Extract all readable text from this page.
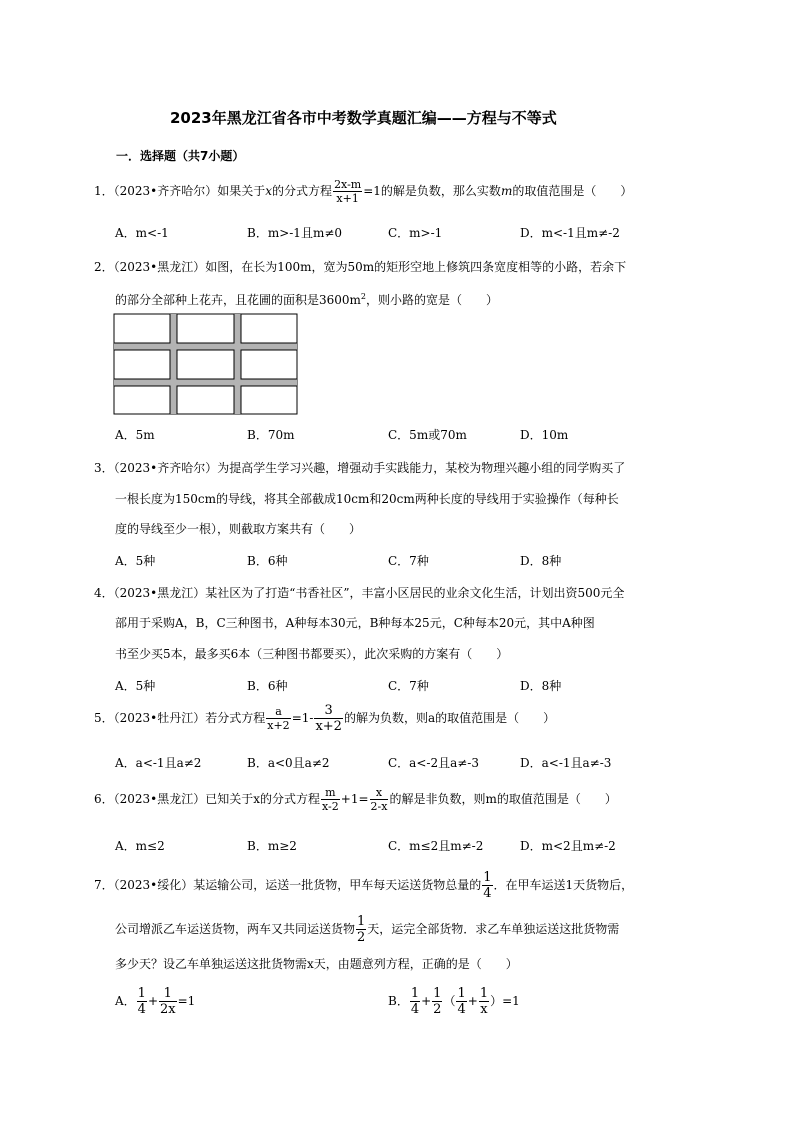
2023年黑龙江省各市中考数学真题汇编——方程与不等式
一．选择题（共7小题）
1．（2023•齐齐哈尔）如果关于x的分式方程 $\frac{2x-m}{x+1} =1$的解是负数，那么实数m的取值范围是（　　）
A．m<-1	B．m>-1且m≠0	C．m>-1	D．m<-1且m≠-2
2．（2023•黑龙江）如图，在长为100m，宽为50m的矩形空地上修筑四条宽度相等的小路，若余下
的部分全部种上花卉，且花圃的面积是$3600m^2$，则小路的宽是（　　）
A．5m	B．70m	C．5m或70m	D．10m
3．（2023•齐齐哈尔）为提高学生学习兴趣，增强动手实践能力，某校为物理兴趣小组的同学购买了
一根长度为150cm的导线，将其全部截成10cm和20cm两种长度的导线用于实验操作（每种长
度的导线至少一根），则截取方案共有（　　）
A．5种	B．6种	C．7种	D．8种
4．（2023•黑龙江）某社区为了打造“书香社区”，丰富小区居民的业余文化生活，计划出资500元全
部用于采购A，B，C三种图书，A种每本30元，B种每本25元，C种每本20元，其中A种图
书至少买5本，最多买6本（三种图书都要买），此次采购的方案有（　　）
A．5种	B．6种	C．7种	D．8种
5．（2023•牡丹江）若分式方程 $\frac{a}{x+2} =1- \frac{3}{x+2}$ 的解为负数，则a的取值范围是（　　）
A．a<-1且a≠2	B．a<0且a≠2	C．a<-2且a≠-3	D．a<-1且a≠-3
6．（2023•黑龙江）已知关于x的分式方程 $\frac{m}{x-2} +1= \frac{x}{2-x}$ 的解是非负数，则m的取值范围是（　　）
A．m≤2	B．m≥2	C．m≤2且m≠-2	D．m<2且m≠-2
7．（2023•绥化）某运输公司，运送一批货物，甲车每天运送货物总量的 $\frac{1}{4}$ ．在甲车运送1天货物后，
公司增派乙车运送货物，两车又共同运送货物 $\frac{1}{2}$ 天，运完全部货物．求乙车单独运送这批货物需
多少天？设乙车单独运送这批货物需x天，由题意列方程，正确的是（　　）
A． $\frac{1}{4} + \frac{1}{2x} =1$	B． $\frac{1}{4} + \frac{1}{2}$ （ $\frac{1}{4} + \frac{1}{x} )=1$
